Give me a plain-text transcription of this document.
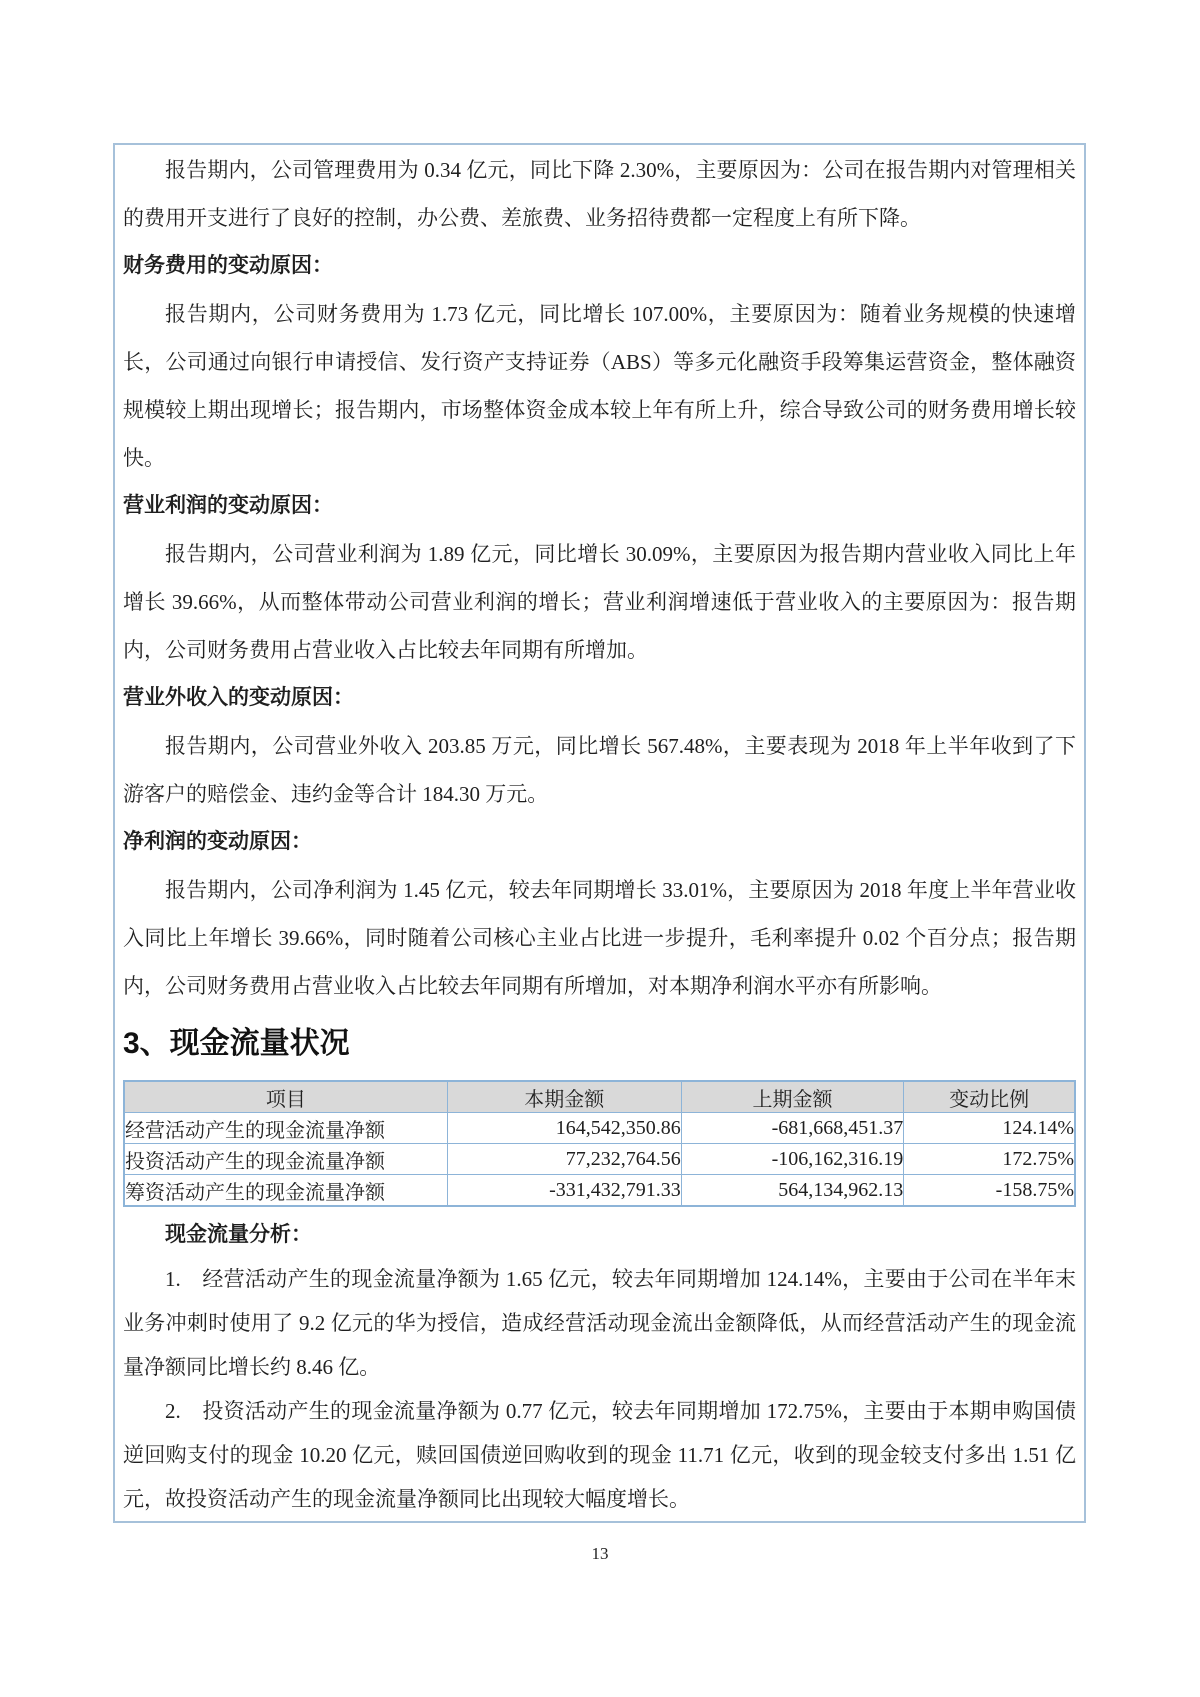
报告期内，公司管理费用为 0.34 亿元，同比下降 2.30%，主要原因为：公司在报告期内对管理相关的费用开支进行了良好的控制，办公费、差旅费、业务招待费都一定程度上有所下降。

财务费用的变动原因：

报告期内，公司财务费用为 1.73 亿元，同比增长 107.00%，主要原因为：随着业务规模的快速增长，公司通过向银行申请授信、发行资产支持证券（ABS）等多元化融资手段筹集运营资金，整体融资规模较上期出现增长；报告期内，市场整体资金成本较上年有所上升，综合导致公司的财务费用增长较快。

营业利润的变动原因：

报告期内，公司营业利润为 1.89 亿元，同比增长 30.09%，主要原因为报告期内营业收入同比上年增长 39.66%，从而整体带动公司营业利润的增长；营业利润增速低于营业收入的主要原因为：报告期内，公司财务费用占营业收入占比较去年同期有所增加。

营业外收入的变动原因：

报告期内，公司营业外收入 203.85 万元，同比增长 567.48%，主要表现为 2018 年上半年收到了下游客户的赔偿金、违约金等合计 184.30 万元。

净利润的变动原因：

报告期内，公司净利润为 1.45 亿元，较去年同期增长 33.01%，主要原因为 2018 年度上半年营业收入同比上年增长 39.66%，同时随着公司核心主业占比进一步提升，毛利率提升 0.02 个百分点；报告期内，公司财务费用占营业收入占比较去年同期有所增加，对本期净利润水平亦有所影响。

3、现金流量状况
项目	本期金额	上期金额	变动比例
经营活动产生的现金流量净额	164,542,350.86	-681,668,451.37	124.14%
投资活动产生的现金流量净额	77,232,764.56	-106,162,316.19	172.75%
筹资活动产生的现金流量净额	-331,432,791.33	564,134,962.13	-158.75%

现金流量分析：

1.　经营活动产生的现金流量净额为 1.65 亿元，较去年同期增加 124.14%，主要由于公司在半年末业务冲刺时使用了 9.2 亿元的华为授信，造成经营活动现金流出金额降低，从而经营活动产生的现金流量净额同比增长约 8.46 亿。

2.　投资活动产生的现金流量净额为 0.77 亿元，较去年同期增加 172.75%，主要由于本期申购国债逆回购支付的现金 10.20 亿元，赎回国债逆回购收到的现金 11.71 亿元，收到的现金较支付多出 1.51 亿元，故投资活动产生的现金流量净额同比出现较大幅度增长。

13
